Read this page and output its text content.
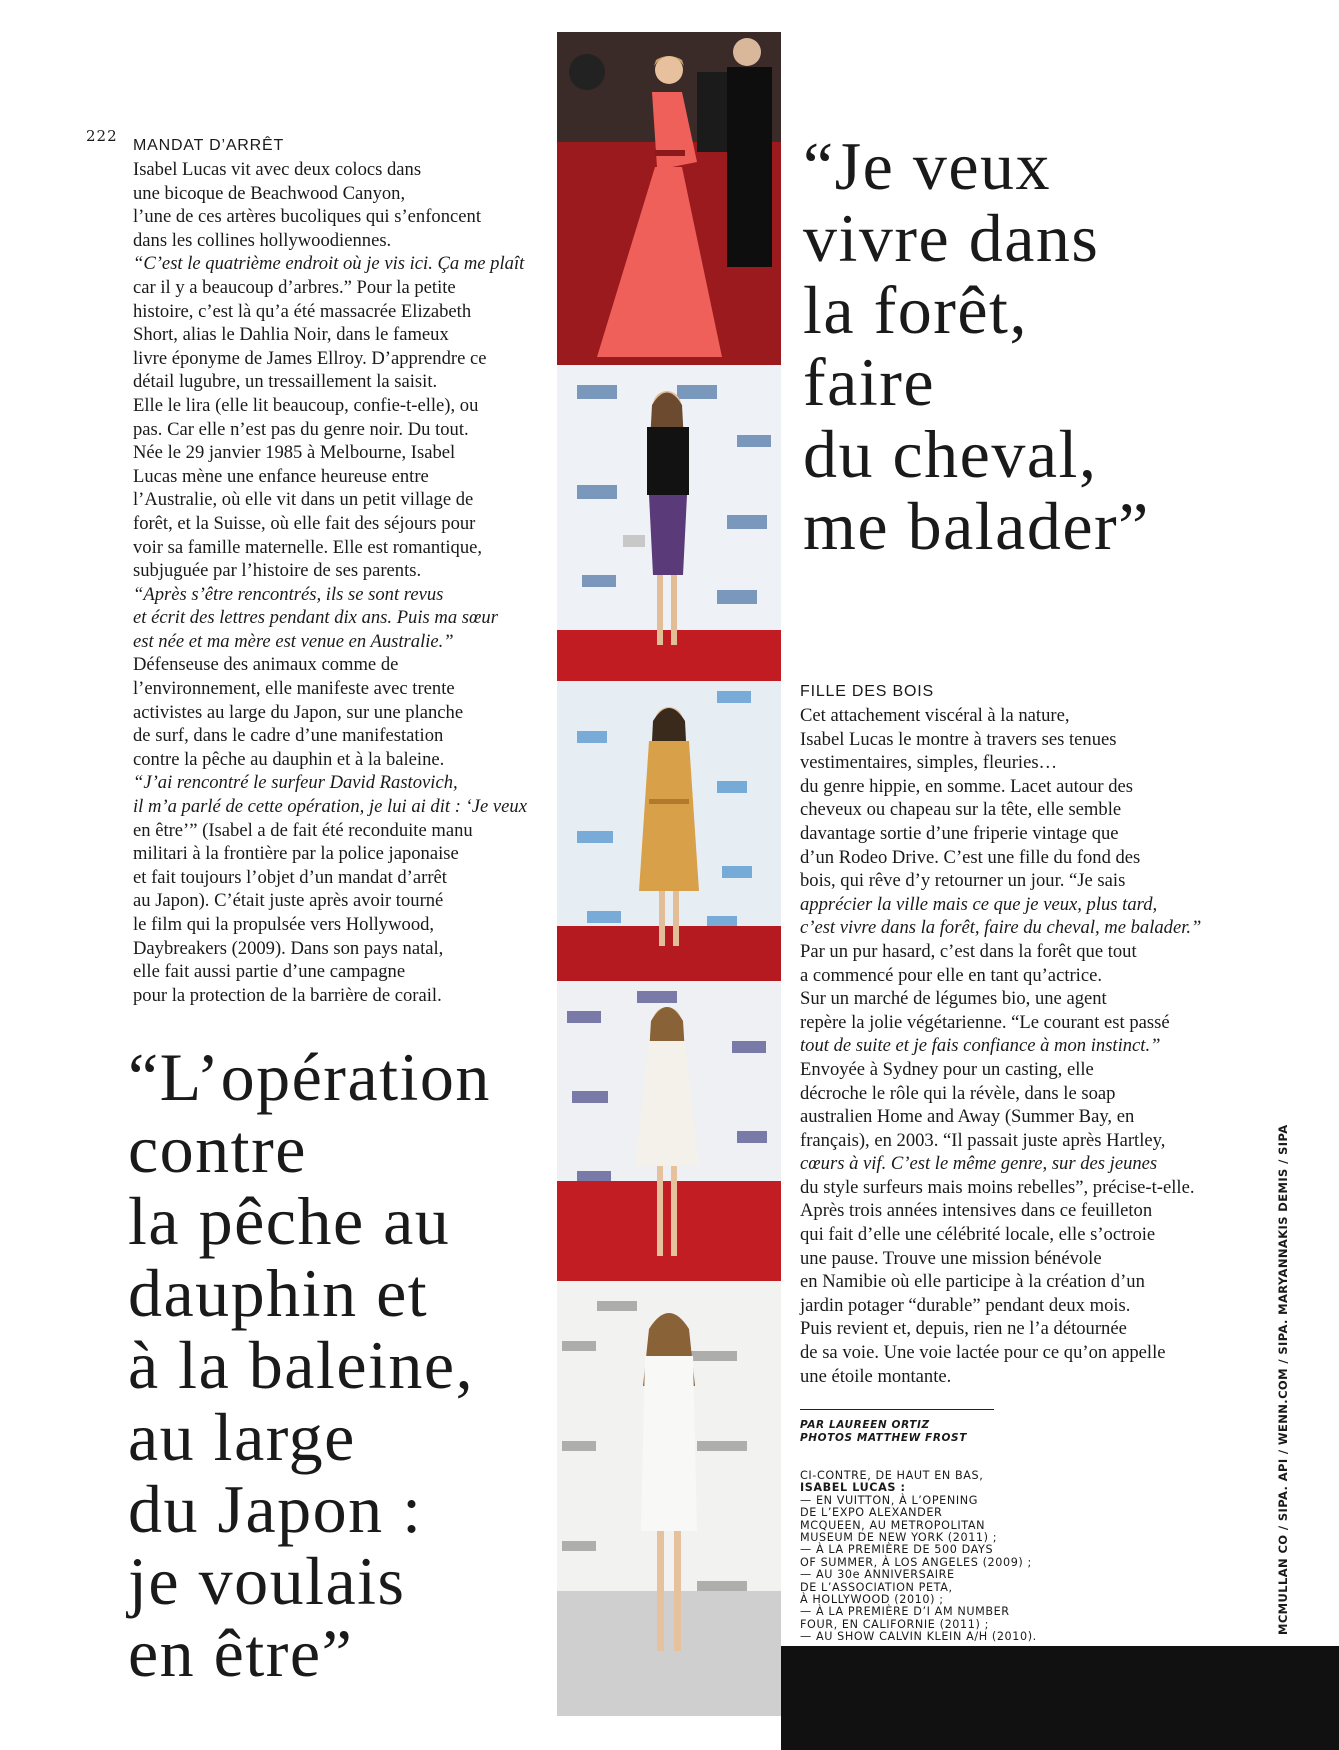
222
MANDAT D’ARRÊT

Isabel Lucas vit avec deux colocs dans

une bicoque de Beachwood Canyon,

l’une de ces artères bucoliques qui s’enfoncent

dans les collines hollywoodiennes.

“C’est le quatrième endroit où je vis ici. Ça me plaît

car il y a beaucoup d’arbres.” Pour la petite

histoire, c’est là qu’a été massacrée Elizabeth

Short, alias le Dahlia Noir, dans le fameux

livre éponyme de James Ellroy. D’apprendre ce

détail lugubre, un tressaillement la saisit.

Elle le lira (elle lit beaucoup, confie-t-elle), ou

pas. Car elle n’est pas du genre noir. Du tout.

Née le 29 janvier 1985 à Melbourne, Isabel

Lucas mène une enfance heureuse entre

l’Australie, où elle vit dans un petit village de

forêt, et la Suisse, où elle fait des séjours pour

voir sa famille maternelle. Elle est romantique,

subjuguée par l’histoire de ses parents.

“Après s’être rencontrés, ils se sont revus

et écrit des lettres pendant dix ans. Puis ma sœur

est née et ma mère est venue en Australie.”

Défenseuse des animaux comme de

l’environnement, elle manifeste avec trente

activistes au large du Japon, sur une planche

de surf, dans le cadre d’une manifestation

contre la pêche au dauphin et à la baleine.

“J’ai rencontré le surfeur David Rastovich,

il m’a parlé de cette opération, je lui ai dit : ‘Je veux

en être’” (Isabel a de fait été reconduite manu

militari à la frontière par la police japonaise

et fait toujours l’objet d’un mandat d’arrêt

au Japon). C’était juste après avoir tourné

le film qui la propulsée vers Hollywood,

Daybreakers (2009). Dans son pays natal,

elle fait aussi partie d’une campagne

pour la protection de la barrière de corail.

“L’opération
contre
la pêche au
dauphin et
à la baleine,
au large
du Japon :
je voulais
en être”
“Je veux
vivre dans
la forêt,
faire
du cheval,
me balader”
FILLE DES BOIS

Cet attachement viscéral à la nature,

Isabel Lucas le montre à travers ses tenues

vestimentaires, simples, fleuries…

du genre hippie, en somme. Lacet autour des

cheveux ou chapeau sur la tête, elle semble

davantage sortie d’une friperie vintage que

d’un Rodeo Drive. C’est une fille du fond des

bois, qui rêve d’y retourner un jour. “Je sais

apprécier la ville mais ce que je veux, plus tard,

c’est vivre dans la forêt, faire du cheval, me balader.”

Par un pur hasard, c’est dans la forêt que tout

a commencé pour elle en tant qu’actrice.

Sur un marché de légumes bio, une agent

repère la jolie végétarienne. “Le courant est passé

tout de suite et je fais confiance à mon instinct.”

Envoyée à Sydney pour un casting, elle

décroche le rôle qui la révèle, dans le soap

australien Home and Away (Summer Bay, en

français), en 2003. “Il passait juste après Hartley,

cœurs à vif. C’est le même genre, sur des jeunes

du style surfeurs mais moins rebelles”, précise-t-elle.

Après trois années intensives dans ce feuilleton

qui fait d’elle une célébrité locale, elle s’octroie

une pause. Trouve une mission bénévole

en Namibie où elle participe à la création d’un

jardin potager “durable” pendant deux mois.

Puis revient et, depuis, rien ne l’a détournée

de sa voie. Une voie lactée pour ce qu’on appelle

une étoile montante.

PAR LAUREEN ORTIZ
PHOTOS MATTHEW FROST
CI-CONTRE, DE HAUT EN BAS,
ISABEL LUCAS :
— EN VUITTON, À L’OPENING
DE L’EXPO ALEXANDER
MCQUEEN, AU METROPOLITAN
MUSEUM DE NEW YORK (2011) ;
— À LA PREMIÈRE DE 500 DAYS
OF SUMMER, À LOS ANGELES (2009) ;
— AU 30e ANNIVERSAIRE
DE L’ASSOCIATION PETA,
À HOLLYWOOD (2010) ;
— À LA PREMIÈRE D’I AM NUMBER
FOUR, EN CALIFORNIE (2011) ;
— AU SHOW CALVIN KLEIN A/H (2010).
MCMULLAN CO / SIPA. API / WENN.COM / SIPA. MARYANNAKIS DEMIS / SIPA
